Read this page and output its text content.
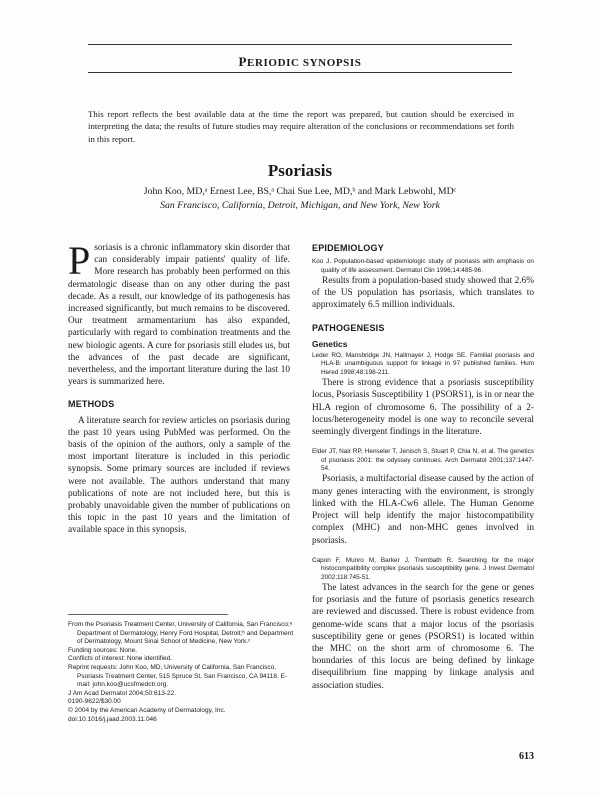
PERIODIC SYNOPSIS
This report reflects the best available data at the time the report was prepared, but caution should be exercised in interpreting the data; the results of future studies may require alteration of the conclusions or recommendations set forth in this report.
Psoriasis
John Koo, MD,ᵃ Ernest Lee, BS,ᵃ Chai Sue Lee, MD,ᵇ and Mark Lebwohl, MDᶜ
San Francisco, California, Detroit, Michigan, and New York, New York

Psoriasis is a chronic inflammatory skin disorder that can considerably impair patients' quality of life. More research has probably been performed on this dermatologic disease than on any other during the past decade. As a result, our knowledge of its pathogenesis has increased significantly, but much remains to be discovered. Our treatment armamentarium has also expanded, particularly with regard to combination treatments and the new biologic agents. A cure for psoriasis still eludes us, but the advances of the past decade are significant, nevertheless, and the important literature during the last 10 years is summarized here.

METHODS

A literature search for review articles on psoriasis during the past 10 years using PubMed was performed. On the basis of the opinion of the authors, only a sample of the most important literature is included in this periodic synopsis. Some primary sources are included if reviews were not available. The authors understand that many publications of note are not included here, but this is probably unavoidable given the number of publications on this topic in the past 10 years and the limitation of available space in this synopsis.

From the Psoriasis Treatment Center, University of California, San Francisco;ᵃ Department of Dermatology, Henry Ford Hospital, Detroit;ᵇ and Department of Dermatology, Mount Sinai School of Medicine, New York.ᶜ
Funding sources: None.
Conflicts of interest: None identified.
Reprint requests: John Koo, MD, University of California, San Francisco, Psoriasis Treatment Center, 515 Spruce St, San Francisco, CA 94118. E-mail: john.koo@ucsfmedctr.org.
J Am Acad Dermatol 2004;50:613-22.
0190-9622/$30.00
© 2004 by the American Academy of Dermatology, Inc.
doi:10.1016/j.jaad.2003.11.046
EPIDEMIOLOGY

Koo J. Population-based epidemiologic study of psoriasis with emphasis on quality of life assessment. Dermatol Clin 1996;14:485-96.

Results from a population-based study showed that 2.6% of the US population has psoriasis, which translates to approximately 6.5 million individuals.

PATHOGENESIS
Genetics

Leder RO, Mansbridge JN, Hallmayer J, Hodge SE. Familial psoriasis and HLA-B: unambiguous support for linkage in 97 published families. Hum Hered 1998;48:198-211.

There is strong evidence that a psoriasis susceptibility locus, Psoriasis Susceptibility 1 (PSORS1), is in or near the HLA region of chromosome 6. The possibility of a 2-locus/heterogeneity model is one way to reconcile several seemingly divergent findings in the literature.

Elder JT, Nair RP, Henseler T, Jenisch S, Stuart P, Chia N, et al. The genetics of psoriasis 2001: the odyssey continues. Arch Dermatol 2001;137:1447-54.

Psoriasis, a multifactorial disease caused by the action of many genes interacting with the environment, is strongly linked with the HLA-Cw6 allele. The Human Genome Project will help identify the major histocompatibility complex (MHC) and non-MHC genes involved in psoriasis.

Capon F, Munro M, Barker J, Trembath R. Searching for the major histocompatibility complex psoriasis susceptibility gene. J Invest Dermatol 2002;118:745-51.

The latest advances in the search for the gene or genes for psoriasis and the future of psoriasis genetics research are reviewed and discussed. There is robust evidence from genome-wide scans that a major locus of the psoriasis susceptibility gene or genes (PSORS1) is located within the MHC on the short arm of chromosome 6. The boundaries of this locus are being defined by linkage disequilibrium fine mapping by linkage analysis and association studies.

613
